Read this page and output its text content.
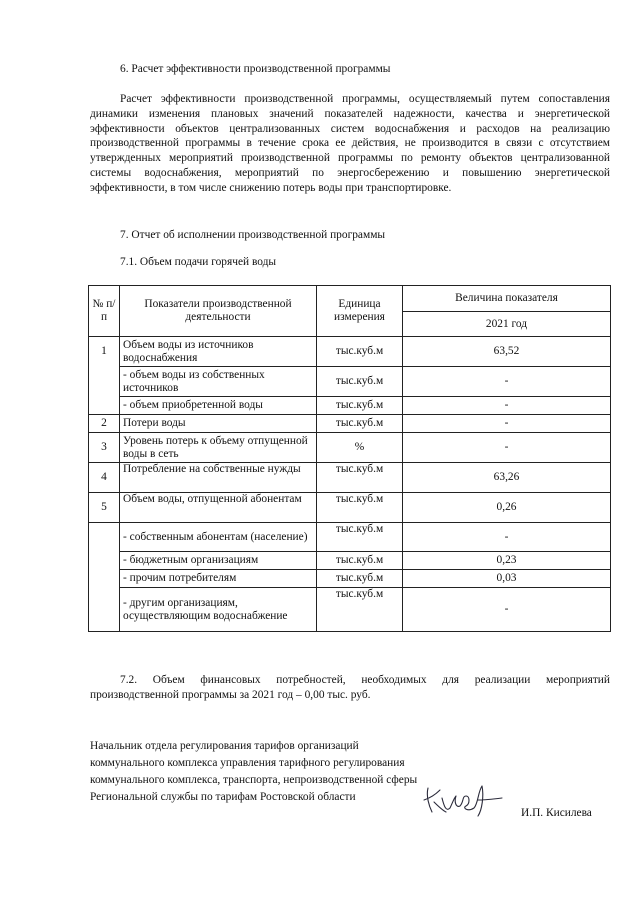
6. Расчет эффективности производственной программы
Расчет эффективности производственной программы, осуществляемый путем сопоставления динамики изменения плановых значений показателей надежности, качества и энергетической эффективности объектов централизованных систем водоснабжения и расходов на реализацию производственной программы в течение срока ее действия, не производится в связи с отсутствием утвержденных мероприятий производственной программы по ремонту объектов централизованной системы водоснабжения, мероприятий по энергосбережению и повышению энергетической эффективности, в том числе снижению потерь воды при транспортировке.
7. Отчет об исполнении производственной программы
7.1. Объем подачи горячей воды
№ п/п	Показатели производственной деятельности	Единица измерения	Величина показателя
			2021 год
1	Объем воды из источников водоснабжения	тыс.куб.м	63,52
	- объем воды из собственных источников	тыс.куб.м	-
	- объем приобретенной воды	тыс.куб.м	-
2	Потери воды	тыс.куб.м	-
3	Уровень потерь к объему отпущенной воды в сеть	%	-
4	Потребление на собственные нужды	тыс.куб.м	63,26
5	Объем воды, отпущенной абонентам	тыс.куб.м	0,26
	- собственным абонентам (население)	тыс.куб.м	-
	- бюджетным организациям	тыс.куб.м	0,23
	- прочим потребителям	тыс.куб.м	0,03
	- другим организациям, осуществляющим водоснабжение	тыс.куб.м	-
7.2. Объем финансовых потребностей, необходимых для реализации мероприятий производственной программы за 2021 год – 0,00 тыс. руб.
Начальник отдела регулирования тарифов организаций коммунального комплекса управления тарифного регулирования коммунального комплекса, транспорта, непроизводственной сферы Региональной службы по тарифам Ростовской области
И.П. Кисилева
